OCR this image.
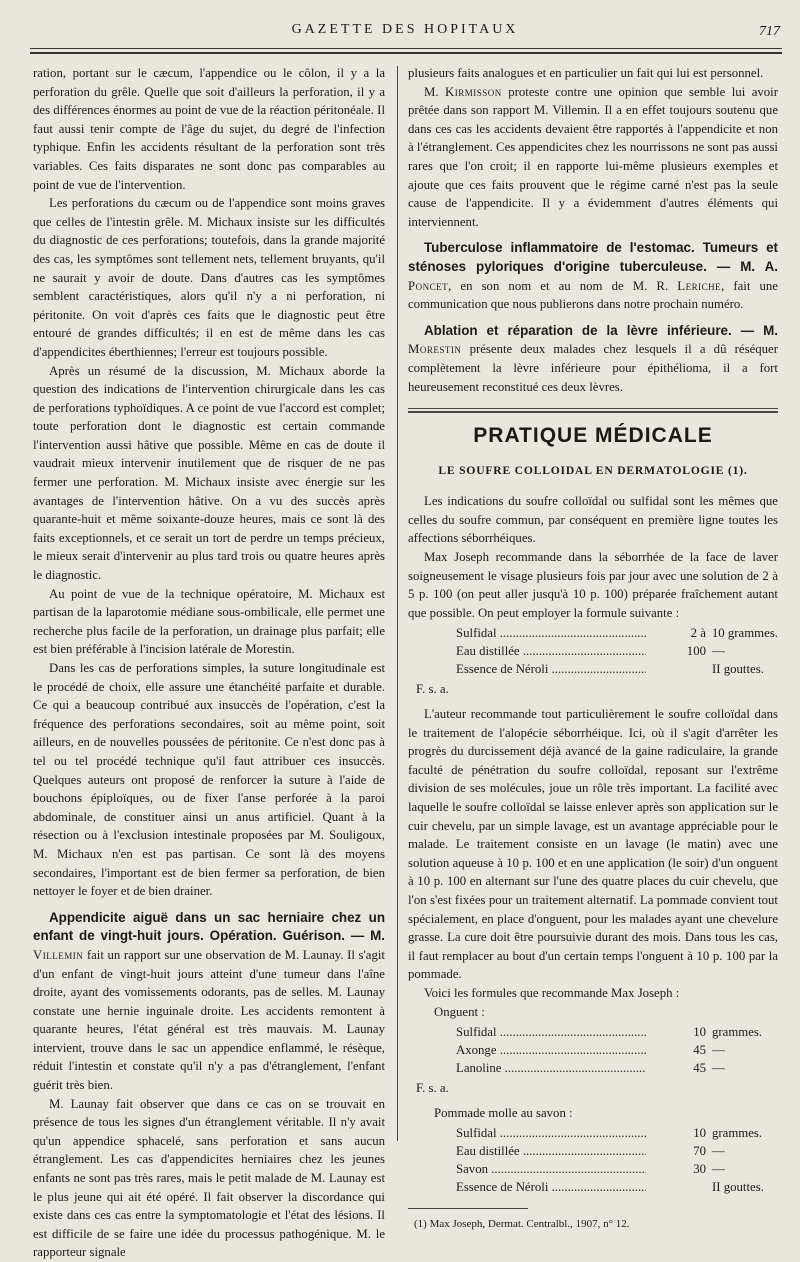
GAZETTE DES HOPITAUX	717

ration, portant sur le cæcum, l'appendice ou le côlon, il y a la perforation du grêle. Quelle que soit d'ailleurs la perforation, il y a des différences énormes au point de vue de la réaction péritonéale. Il faut aussi tenir compte de l'âge du sujet, du degré de l'infection typhique. Enfin les accidents résultant de la perforation sont très variables. Ces faits disparates ne sont donc pas comparables au point de vue de l'intervention.

Les perforations du cæcum ou de l'appendice sont moins graves que celles de l'intestin grêle. M. Michaux insiste sur les difficultés du diagnostic de ces perforations; toutefois, dans la grande majorité des cas, les symptômes sont tellement nets, tellement bruyants, qu'il ne saurait y avoir de doute. Dans d'autres cas les symptômes semblent caractéristiques, alors qu'il n'y a ni perforation, ni péritonite. On voit d'après ces faits que le diagnostic peut être entouré de grandes difficultés; il en est de même dans les cas d'appendicites éberthiennes; l'erreur est toujours possible.

Après un résumé de la discussion, M. Michaux aborde la question des indications de l'intervention chirurgicale dans les cas de perforations typhoïdiques. A ce point de vue l'accord est complet; toute perforation dont le diagnostic est certain commande l'intervention aussi hâtive que possible. Même en cas de doute il vaudrait mieux intervenir inutilement que de risquer de ne pas fermer une perforation. M. Michaux insiste avec énergie sur les avantages de l'intervention hâtive. On a vu des succès après quarante-huit et même soixante-douze heures, mais ce sont là des faits exceptionnels, et ce serait un tort de perdre un temps précieux, le mieux serait d'intervenir au plus tard trois ou quatre heures après le diagnostic.

Au point de vue de la technique opératoire, M. Michaux est partisan de la laparotomie médiane sous-ombilicale, elle permet une recherche plus facile de la perforation, un drainage plus parfait; elle est bien préférable à l'incision latérale de Morestin.

Dans les cas de perforations simples, la suture longitudinale est le procédé de choix, elle assure une étanchéité parfaite et durable. Ce qui a beaucoup contribué aux insuccès de l'opération, c'est la fréquence des perforations secondaires, soit au même point, soit ailleurs, en de nouvelles poussées de péritonite. Ce n'est donc pas à tel ou tel procédé technique qu'il faut attribuer ces insuccès. Quelques auteurs ont proposé de renforcer la suture à l'aide de bouchons épiploïques, ou de fixer l'anse perforée à la paroi abdominale, de constituer ainsi un anus artificiel. Quant à la résection ou à l'exclusion intestinale proposées par M. Souligoux, M. Michaux n'en est pas partisan. Ce sont là des moyens secondaires, l'important est de bien fermer sa perforation, de bien nettoyer le foyer et de bien drainer.

Appendicite aiguë dans un sac herniaire chez un enfant de vingt-huit jours. Opération. Guérison. — M. Villemin fait un rapport sur une observation de M. Launay. Il s'agit d'un enfant de vingt-huit jours atteint d'une tumeur dans l'aîne droite, ayant des vomissements odorants, pas de selles. M. Launay constate une hernie inguinale droite. Les accidents remontent à quarante heures, l'état général est très mauvais. M. Launay intervient, trouve dans le sac un appendice enflammé, le résèque, réduit l'intestin et constate qu'il n'y a pas d'étranglement, l'enfant guérit très bien.

M. Launay fait observer que dans ce cas on se trouvait en présence de tous les signes d'un étranglement véritable. Il n'y avait qu'un appendice sphacelé, sans perforation et sans aucun étranglement. Les cas d'appendicites herniaires chez les jeunes enfants ne sont pas très rares, mais le petit malade de M. Launay est le plus jeune qui ait été opéré. Il fait observer la discordance qui existe dans ces cas entre la symptomatologie et l'état des lésions. Il est difficile de se faire une idée du processus pathogénique. M. le rapporteur signale

plusieurs faits analogues et en particulier un fait qui lui est personnel.

M. Kirmisson proteste contre une opinion que semble lui avoir prêtée dans son rapport M. Villemin. Il a en effet toujours soutenu que dans ces cas les accidents devaient être rapportés à l'appendicite et non à l'étranglement. Ces appendicites chez les nourrissons ne sont pas aussi rares que l'on croit; il en rapporte lui-même plusieurs exemples et ajoute que ces faits prouvent que le régime carné n'est pas la seule cause de l'appendicite. Il y a évidemment d'autres éléments qui interviennent.

Tuberculose inflammatoire de l'estomac. Tumeurs et sténoses pyloriques d'origine tuberculeuse. — M. A. Poncet, en son nom et au nom de M. R. Leriche, fait une communication que nous publierons dans notre prochain numéro.

Ablation et réparation de la lèvre inférieure. — M. Morestin présente deux malades chez lesquels il a dû réséquer complètement la lèvre inférieure pour épithélioma, il a fort heureusement reconstitué ces deux lèvres.

PRATIQUE MÉDICALE
LE SOUFRE COLLOIDAL EN DERMATOLOGIE (1).

Les indications du soufre colloïdal ou sulfidal sont les mêmes que celles du soufre commun, par conséquent en première ligne toutes les affections séborrhéiques.

Max Joseph recommande dans la séborrhée de la face de laver soigneusement le visage plusieurs fois par jour avec une solution de 2 à 5 p. 100 (on peut aller jusqu'à 10 p. 100) préparée fraîchement autant que possible. On peut employer la formule suivante :

Sulfidal .....	2 à 10 grammes.
Eau distillée .....	100 —
Essence de Néroli .....	II gouttes.
F. s. a.

L'auteur recommande tout particulièrement le soufre colloïdal dans le traitement de l'alopécie séborrhéique. Ici, où il s'agit d'arrêter les progrès du durcissement déjà avancé de la gaine radiculaire, la grande faculté de pénétration du soufre colloïdal, reposant sur l'extrême division de ses molécules, joue un rôle très important. La facilité avec laquelle le soufre colloïdal se laisse enlever après son application sur le cuir chevelu, par un simple lavage, est un avantage appréciable pour le malade. Le traitement consiste en un lavage (le matin) avec une solution aqueuse à 10 p. 100 et en une application (le soir) d'un onguent à 10 p. 100 en alternant sur l'une des quatre places du cuir chevelu, que l'on s'est fixées pour un traitement alternatif. La pommade convient tout spécialement, en place d'onguent, pour les malades ayant une chevelure grasse. La cure doit être poursuivie durant des mois. Dans tous les cas, il faut remplacer au bout d'un certain temps l'onguent à 10 p. 100 par la pommade.

Voici les formules que recommande Max Joseph :

Onguent :
Sulfidal .....	10 grammes.
Axonge .....	45 —
Lanoline .....	45 —
F. s. a.
Pommade molle au savon :
Sulfidal .....	10 grammes.
Eau distillée .....	70 —
Savon .....	30 —
Essence de Néroli .....	II gouttes.
(1) Max Joseph, Dermat. Centralbl., 1907, n° 12.
